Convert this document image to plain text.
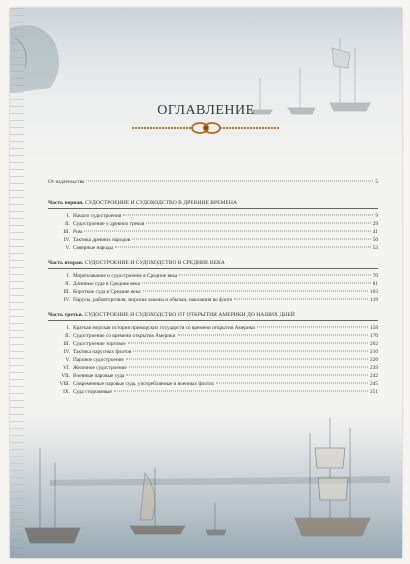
ОГЛАВЛЕНИЕ
От издательства	5
Часть первая. СУДОСТРОЕНИЕ И СУДОХОДСТВО В ДРЕВНИЕ ВРЕМЕНА
I. Начало судостроения	9
II. Судостроение у древних греков	29
III. Рим	41
IV. Тактика древних народов	50
V. Северные народы	53
Часть вторая. СУДОСТРОЕНИЕ И СУДОХОДСТВО В СРЕДНИЕ ВЕКА
I. Мореплавание и судостроение в Средние века	70
II. Длинные суда в Средние века	81
III. Короткие суда в Средние века	103
IV. Парусы, рабовторговля, морские законы и обычаи, наказания во флоте	119
Часть третья. СУДОСТРОЕНИЕ И СУДОХОДСТВО ОТ ОТКРЫТИЯ АМЕРИКИ ДО НАШИХ ДНЕЙ
I. Краткая морская история приморских государств со времени открытия Америки	158
II. Судостроение со времени открытия Америки	170
III. Судостроение торговое	202
IV. Тактика парусных флотов	210
V. Паровое судостроение	226
VI. Железное судостроение	239
VII. Военные паровые суда	242
VIII. Современные паровые суда, употребляемые в военных флотах	245
IX. Суда сторожевые	251
